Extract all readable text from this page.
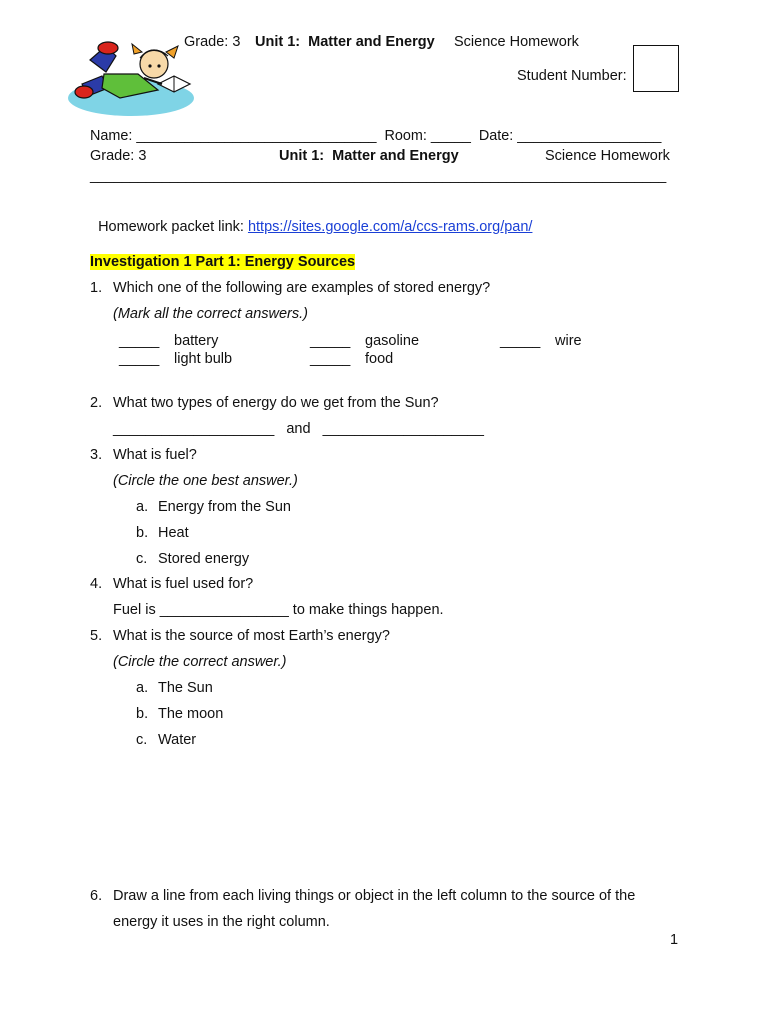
Grade: 3 Unit 1:  Matter and Energy Science Homework
Student Number:
Name: ______________________________  Room: _____  Date: __________________
Grade: 3	Unit 1:  Matter and Energy	Science Homework
________________________________________________________________________

Homework packet link: https://sites.google.com/a/ccs-rams.org/pan/

Investigation 1 Part 1: Energy Sources
1. Which one of the following are examples of stored energy?
(Mark all the correct answers.)
_____ battery	_____ gasoline	_____ wire
_____ light bulb	_____ food
2. What two types of energy do we get from the Sun?
____________________   and   ____________________
3. What is fuel?
(Circle the one best answer.)
a. Energy from the Sun
b. Heat
c. Stored energy
4. What is fuel used for?
Fuel is ________________ to make things happen.
5. What is the source of most Earth’s energy?
(Circle the correct answer.)
a. The Sun
b. The moon
c. Water
6. Draw a line from each living things or object in the left column to the source of the
energy it uses in the right column.
1
